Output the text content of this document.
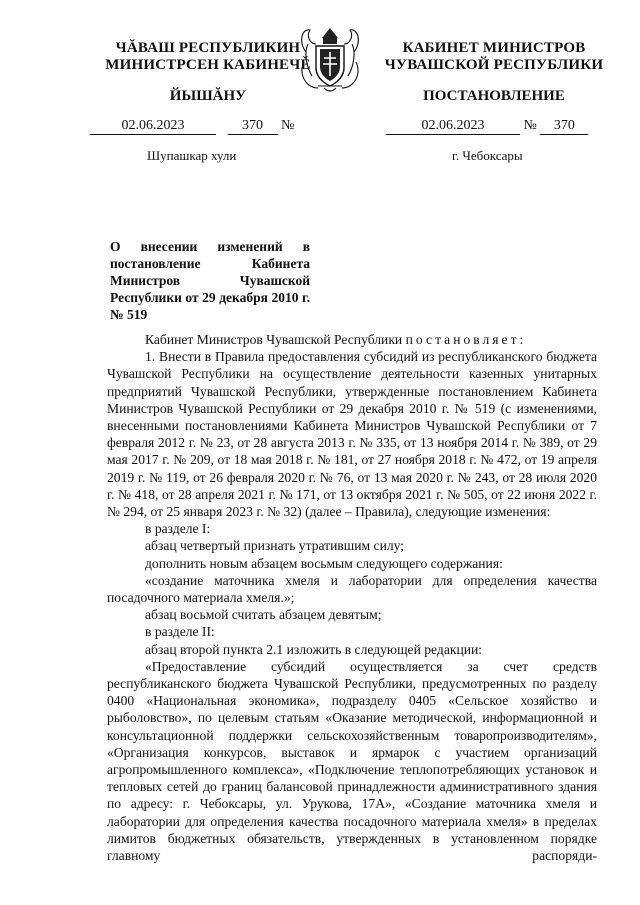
ЧĂВАШ РЕСПУБЛИКИН
МИНИСТРСЕН КАБИНЕЧĚ
ЙЫШĂНУ
КАБИНЕТ МИНИСТРОВ
ЧУВАШСКОЙ РЕСПУБЛИКИ
ПОСТАНОВЛЕНИЕ
02.06.2023	370 №	02.06.2023	№ 370
Шупашкар хули	г. Чебоксары
О внесении изменений в постановление Кабинета Министров Чувашской Республики от 29 декабря 2010 г. № 519

Кабинет Министров Чувашской Республики постановляет:

1. Внести в Правила предоставления субсидий из республиканского бюджета Чувашской Республики на осуществление деятельности казенных унитарных предприятий Чувашской Республики, утвержденные постановлением Кабинета Министров Чувашской Республики от 29 декабря 2010 г. № 519 (с изменениями, внесенными постановлениями Кабинета Министров Чувашской Республики от 7 февраля 2012 г. № 23, от 28 августа 2013 г. № 335, от 13 ноября 2014 г. № 389, от 29 мая 2017 г. № 209, от 18 мая 2018 г. № 181, от 27 ноября 2018 г. № 472, от 19 апреля 2019 г. № 119, от 26 февраля 2020 г. № 76, от 13 мая 2020 г. № 243, от 28 июля 2020 г. № 418, от 28 апреля 2021 г. № 171, от 13 октября 2021 г. № 505, от 22 июня 2022 г. № 294, от 25 января 2023 г. № 32) (далее – Правила), следующие изменения:

в разделе I:

абзац четвертый признать утратившим силу;

дополнить новым абзацем восьмым следующего содержания:

«создание маточника хмеля и лаборатории для определения качества посадочного материала хмеля.»;

абзац восьмой считать абзацем девятым;

в разделе II:

абзац второй пункта 2.1 изложить в следующей редакции:

«Предоставление субсидий осуществляется за счет средств республиканского бюджета Чувашской Республики, предусмотренных по разделу 0400 «Национальная экономика», подразделу 0405 «Сельское хозяйство и рыболовство», по целевым статьям «Оказание методической, информационной и консультационной поддержки сельскохозяйственным товаропроизводителям», «Организация конкурсов, выставок и ярмарок с участием организаций агропромышленного комплекса», «Подключение теплопотребляющих установок и тепловых сетей до границ балансовой принадлежности административного здания по адресу: г. Чебоксары, ул. Урукова, 17А», «Создание маточника хмеля и лаборатории для определения качества посадочного материала хмеля» в пределах лимитов бюджетных обязательств, утвержденных в установленном порядке главному распоряди-
